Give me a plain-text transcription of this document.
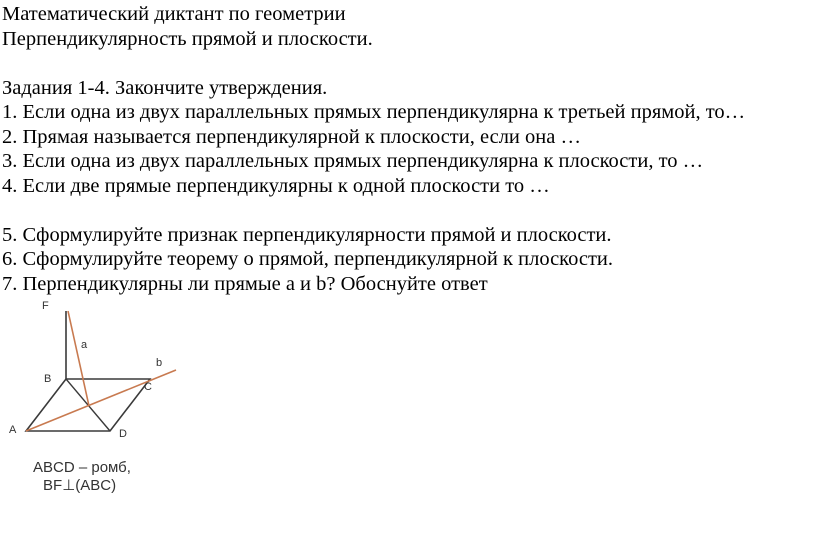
Математический диктант по геометрии
Перпендикулярность прямой и плоскости.
Задания 1-4. Закончите утверждения.
1. Если одна из двух параллельных прямых перпендикулярна к третьей прямой, то…
2. Прямая называется перпендикулярной к плоскости, если она …
3. Если одна из двух параллельных прямых перпендикулярна к плоскости, то …
4. Если две прямые перпендикулярны к одной плоскости то …
5. Сформулируйте признак перпендикулярности прямой и плоскости.
6. Сформулируйте теорему о прямой, перпендикулярной к плоскости.
7. Перпендикулярны ли прямые a и b? Обоснуйте ответ
F
B
C
A	D
a
b
ABCD – ромб,
BF⊥(ABC)
